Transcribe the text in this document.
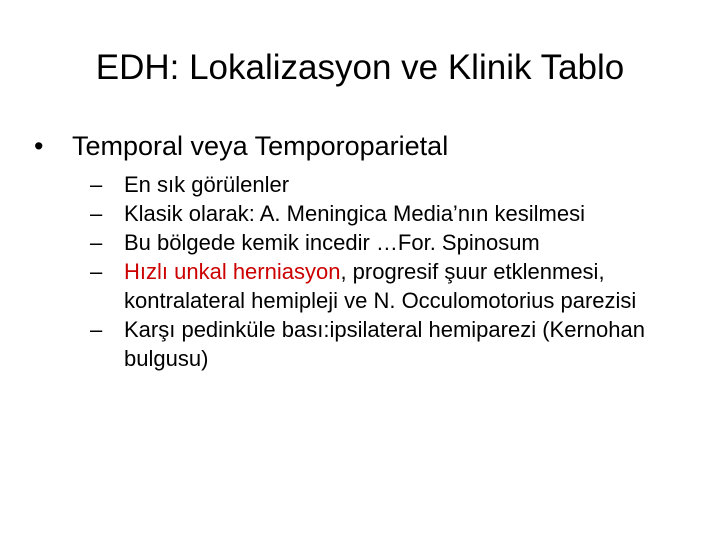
EDH: Lokalizasyon ve Klinik Tablo
• Temporal veya Temporoparietal
– En sık görülenler
– Klasik olarak: A. Meningica Media’nın kesilmesi
– Bu bölgede kemik incedir …For. Spinosum
– Hızlı unkal herniasyon, progresif şuur etklenmesi, kontralateral hemipleji ve N. Occulomotorius parezisi
– Karşı pedinküle bası:ipsilateral hemiparezi (Kernohan bulgusu)
